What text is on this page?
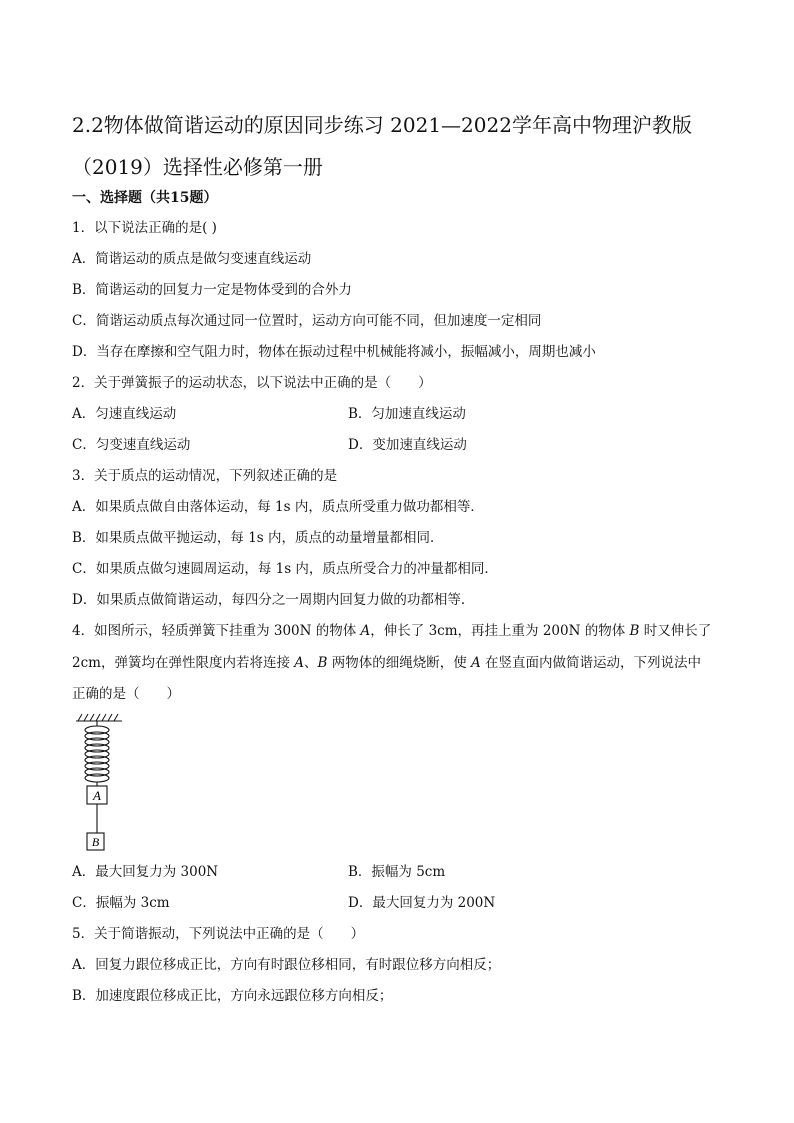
2.2物体做简谐运动的原因同步练习 2021—2022学年高中物理沪教版（2019）选择性必修第一册
一、选择题（共15题）
1．以下说法正确的是( )
A．简谐运动的质点是做匀变速直线运动
B．简谐运动的回复力一定是物体受到的合外力
C．简谐运动质点每次通过同一位置时，运动方向可能不同，但加速度一定相同
D．当存在摩擦和空气阻力时，物体在振动过程中机械能将减小，振幅减小，周期也减小
2．关于弹簧振子的运动状态，以下说法中正确的是（　　）
A．匀速直线运动	B．匀加速直线运动
C．匀变速直线运动	D．变加速直线运动
3．关于质点的运动情况，下列叙述正确的是
A．如果质点做自由落体运动，每 1s 内，质点所受重力做功都相等．
B．如果质点做平抛运动，每 1s 内，质点的动量增量都相同．
C．如果质点做匀速圆周运动，每 1s 内，质点所受合力的冲量都相同．
D．如果质点做简谐运动，每四分之一周期内回复力做的功都相等．
4．如图所示，轻质弹簧下挂重为 300N 的物体 A，伸长了 3cm，再挂上重为 200N 的物体 B 时又伸长了
2cm，弹簧均在弹性限度内若将连接 A、B 两物体的细绳烧断，使 A 在竖直面内做简谐运动，下列说法中
正确的是（　　）
A
B
A．最大回复力为 300N	B．振幅为 5cm
C．振幅为 3cm	D．最大回复力为 200N
5．关于简谐振动，下列说法中正确的是（　　）
A．回复力跟位移成正比，方向有时跟位移相同，有时跟位移方向相反；
B．加速度跟位移成正比，方向永远跟位移方向相反；
